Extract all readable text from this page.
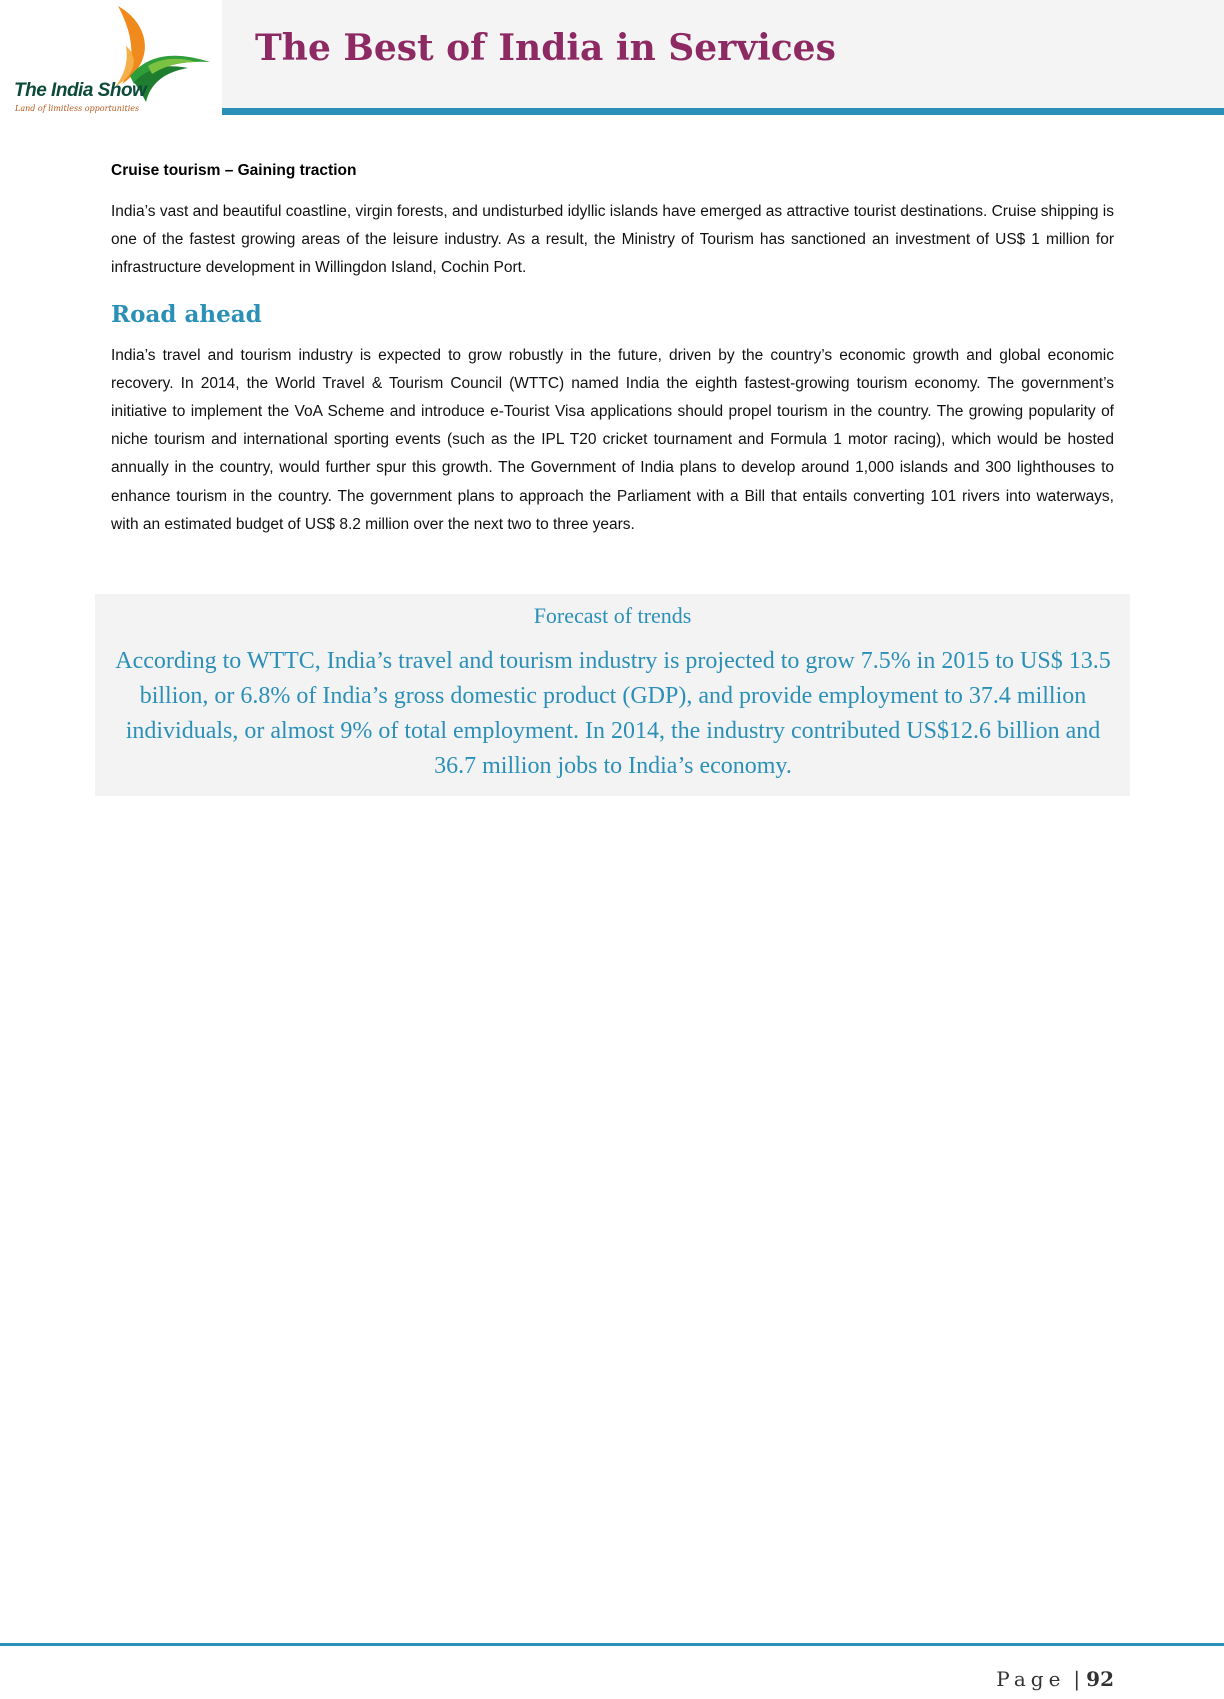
The India Show
Land of limitless opportunities
The Best of India in Services
Cruise tourism – Gaining traction

India’s vast and beautiful coastline, virgin forests, and undisturbed idyllic islands have emerged as attractive tourist destinations. Cruise shipping is one of the fastest growing areas of the leisure industry. As a result, the Ministry of Tourism has sanctioned an investment of US$ 1 million for infrastructure development in Willingdon Island, Cochin Port.

Road ahead

India’s travel and tourism industry is expected to grow robustly in the future, driven by the country’s economic growth and global economic recovery. In 2014, the World Travel & Tourism Council (WTTC) named India the eighth fastest-growing tourism economy. The government’s initiative to implement the VoA Scheme and introduce e-Tourist Visa applications should propel tourism in the country. The growing popularity of niche tourism and international sporting events (such as the IPL T20 cricket tournament and Formula 1 motor racing), which would be hosted annually in the country, would further spur this growth. The Government of India plans to develop around 1,000 islands and 300 lighthouses to enhance tourism in the country. The government plans to approach the Parliament with a Bill that entails converting 101 rivers into waterways, with an estimated budget of US$ 8.2 million over the next two to three years.

Forecast of trends

According to WTTC, India’s travel and tourism industry is projected to grow 7.5% in 2015 to US$ 13.5 billion, or 6.8% of India’s gross domestic product (GDP), and provide employment to 37.4 million individuals, or almost 9% of total employment. In 2014, the industry contributed US$12.6 billion and 36.7 million jobs to India’s economy.

Page | 92
